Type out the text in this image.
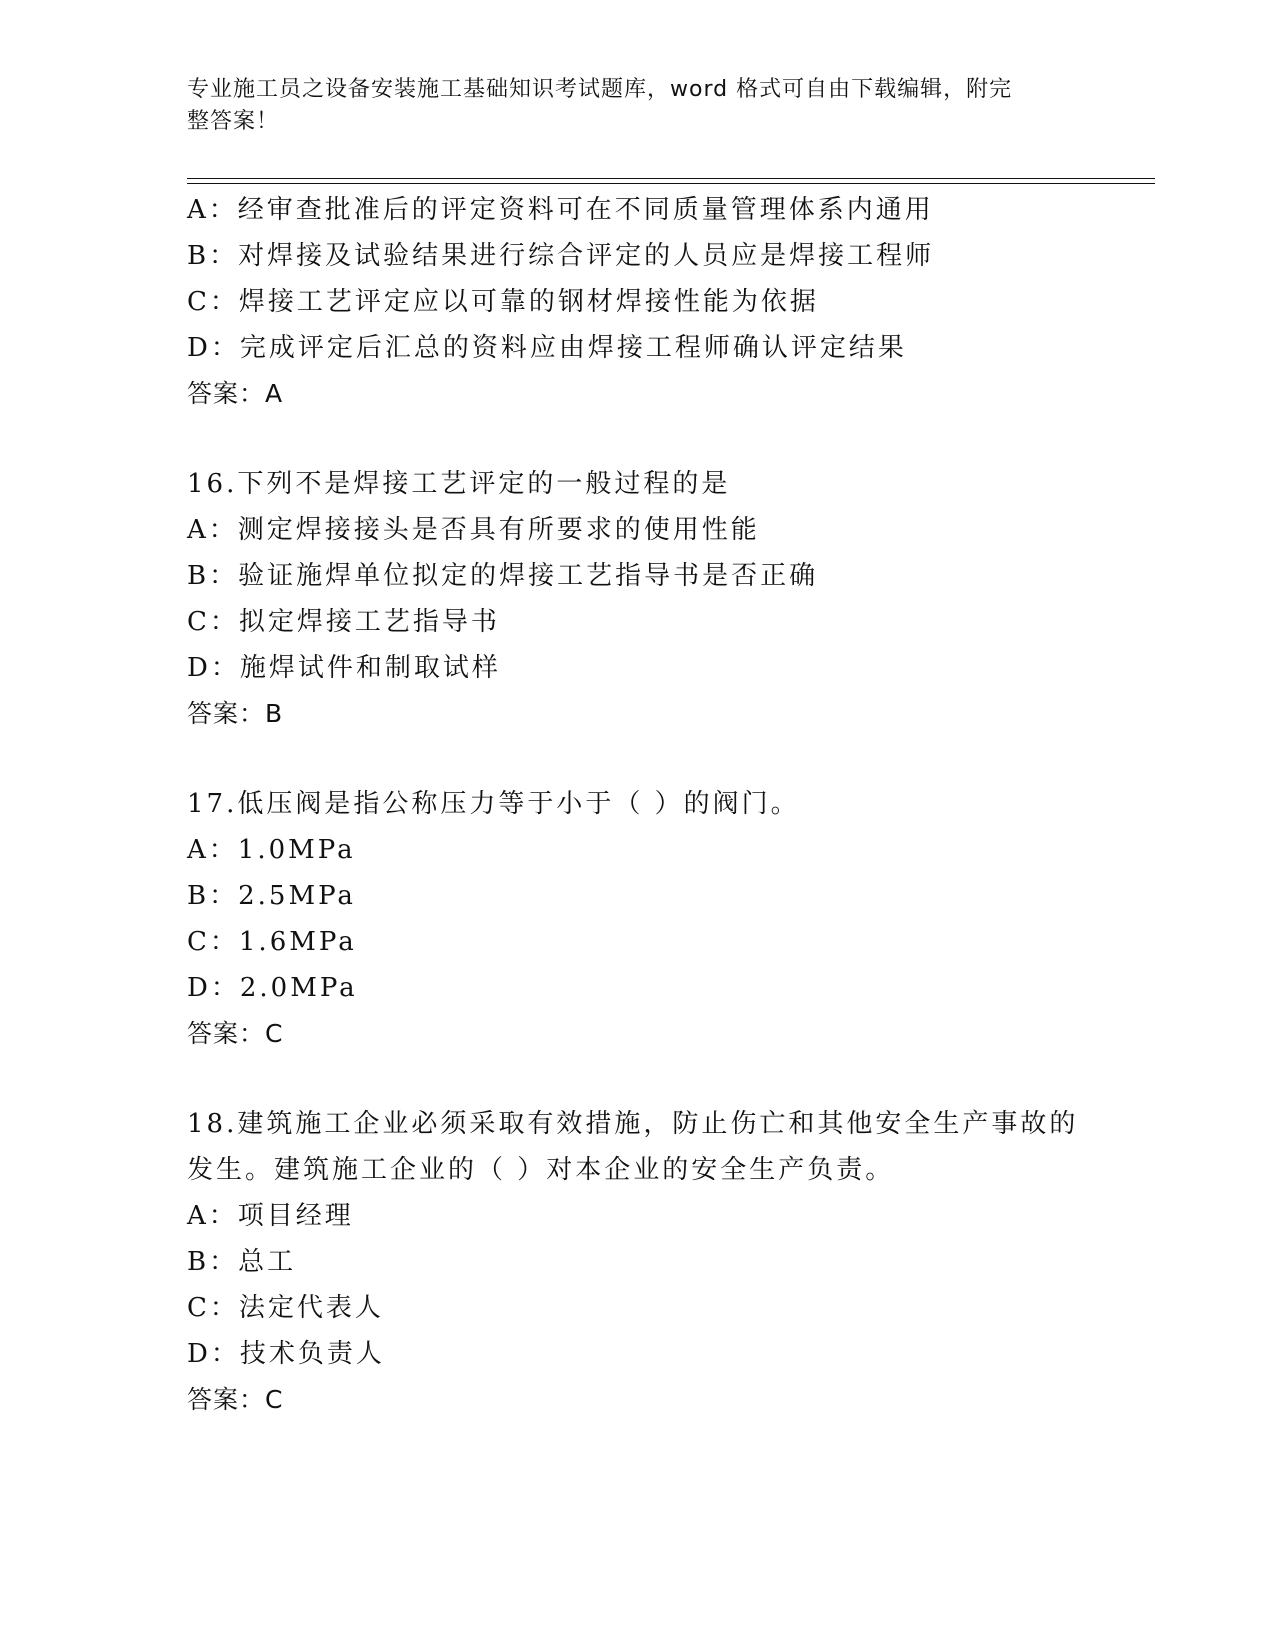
专业施工员之设备安装施工基础知识考试题库，word 格式可自由下载编辑，附完
整答案！
A：经审查批准后的评定资料可在不同质量管理体系内通用
B：对焊接及试验结果进行综合评定的人员应是焊接工程师
C：焊接工艺评定应以可靠的钢材焊接性能为依据
D：完成评定后汇总的资料应由焊接工程师确认评定结果
答案：A
16.下列不是焊接工艺评定的一般过程的是
A：测定焊接接头是否具有所要求的使用性能
B：验证施焊单位拟定的焊接工艺指导书是否正确
C：拟定焊接工艺指导书
D：施焊试件和制取试样
答案：B
17.低压阀是指公称压力等于小于（ ）的阀门。
A：1.0MPa
B：2.5MPa
C：1.6MPa
D：2.0MPa
答案：C
18.建筑施工企业必须采取有效措施，防止伤亡和其他安全生产事故的
发生。建筑施工企业的（ ）对本企业的安全生产负责。
A：项目经理
B：总工
C：法定代表人
D：技术负责人
答案：C
